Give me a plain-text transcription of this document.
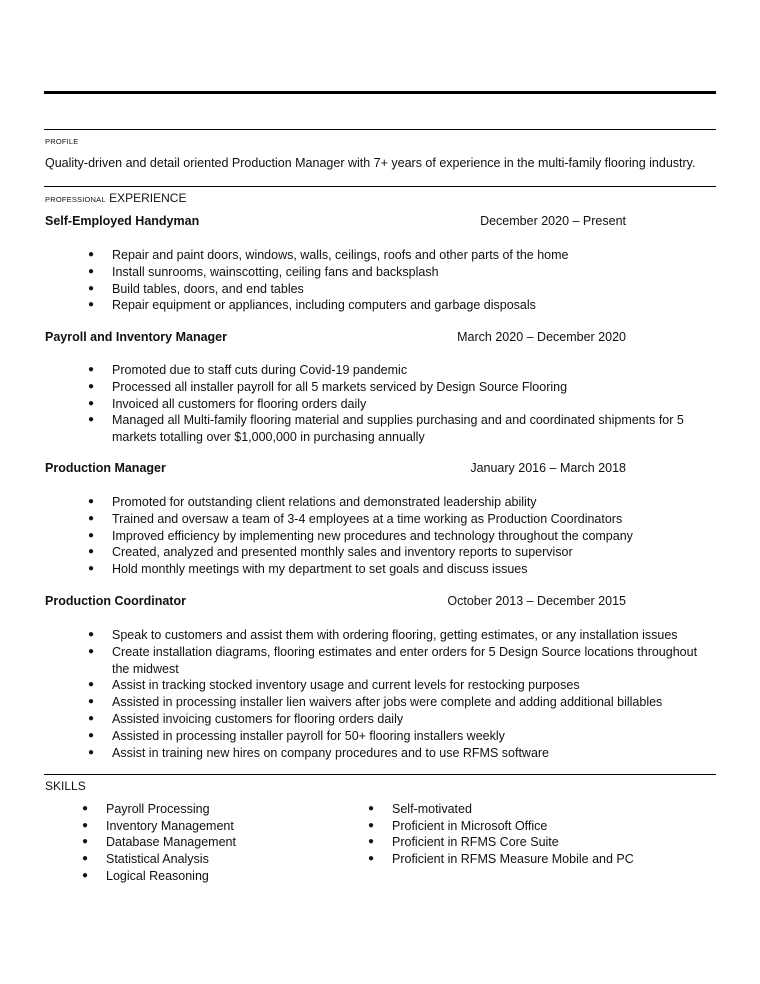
PROFILE
Quality-driven and detail oriented Production Manager with 7+ years of experience in the multi-family flooring industry.
PROFESSIONAL EXPERIENCE
Self-Employed Handyman	December 2020 – Present
● Repair and paint doors, windows, walls, ceilings, roofs and other parts of the home
● Install sunrooms, wainscotting, ceiling fans and backsplash
● Build tables, doors, and end tables
● Repair equipment or appliances, including computers and garbage disposals
Payroll and Inventory Manager	March 2020 – December 2020
● Promoted due to staff cuts during Covid-19 pandemic
● Processed all installer payroll for all 5 markets serviced by Design Source Flooring
● Invoiced all customers for flooring orders daily
● Managed all Multi-family flooring material and supplies purchasing and and coordinated shipments for 5 markets totalling over $1,000,000 in purchasing annually
Production Manager	January 2016 – March 2018
● Promoted for outstanding client relations and demonstrated leadership ability
● Trained and oversaw a team of 3-4 employees at a time working as Production Coordinators
● Improved efficiency by implementing new procedures and technology throughout the company
● Created, analyzed and presented monthly sales and inventory reports to supervisor
● Hold monthly meetings with my department to set goals and discuss issues
Production Coordinator	October 2013 – December 2015
● Speak to customers and assist them with ordering flooring, getting estimates, or any installation issues
● Create installation diagrams, flooring estimates and enter orders for 5 Design Source locations throughout the midwest
● Assist in tracking stocked inventory usage and current levels for restocking purposes
● Assisted in processing installer lien waivers after jobs were complete and adding additional billables
● Assisted invoicing customers for flooring orders daily
● Assisted in processing installer payroll for 50+ flooring installers weekly
● Assist in training new hires on company procedures and to use RFMS software
SKILLS
● Payroll Processing
● Inventory Management
● Database Management
● Statistical Analysis
● Logical Reasoning
● Self-motivated
● Proficient in Microsoft Office
● Proficient in RFMS Core Suite
● Proficient in RFMS Measure Mobile and PC
